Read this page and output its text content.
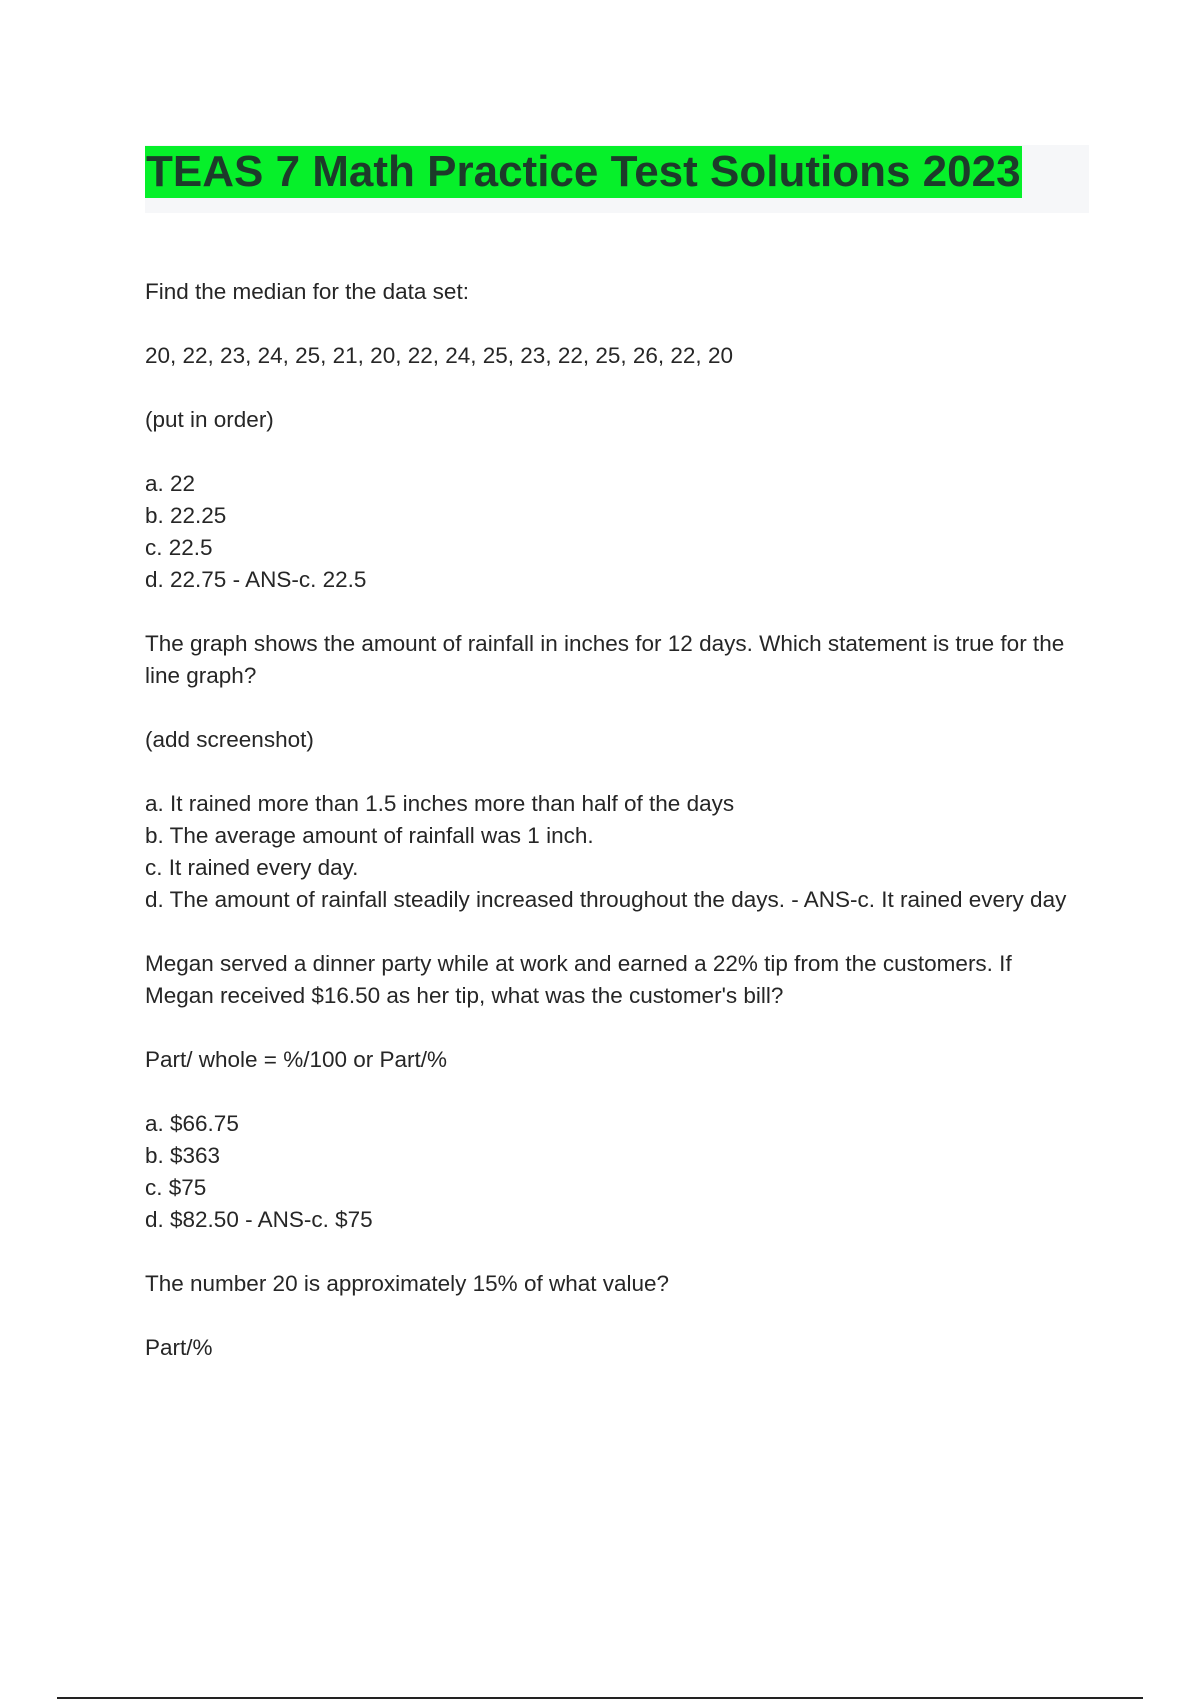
TEAS 7 Math Practice Test Solutions 2023

Find the median for the data set:

20, 22, 23, 24, 25, 21, 20, 22, 24, 25, 23, 22, 25, 26, 22, 20

(put in order)

a. 22
b. 22.25
c. 22.5
d. 22.75 - ANS-c. 22.5

The graph shows the amount of rainfall in inches for 12 days. Which statement is true for the line graph?

(add screenshot)

a. It rained more than 1.5 inches more than half of the days
b. The average amount of rainfall was 1 inch.
c. It rained every day.
d. The amount of rainfall steadily increased throughout the days. - ANS-c. It rained every day

Megan served a dinner party while at work and earned a 22% tip from the customers. If Megan received $16.50 as her tip, what was the customer's bill?

Part/ whole = %/100 or Part/%

a. $66.75
b. $363
c. $75
d. $82.50 - ANS-c. $75

The number 20 is approximately 15% of what value?

Part/%
